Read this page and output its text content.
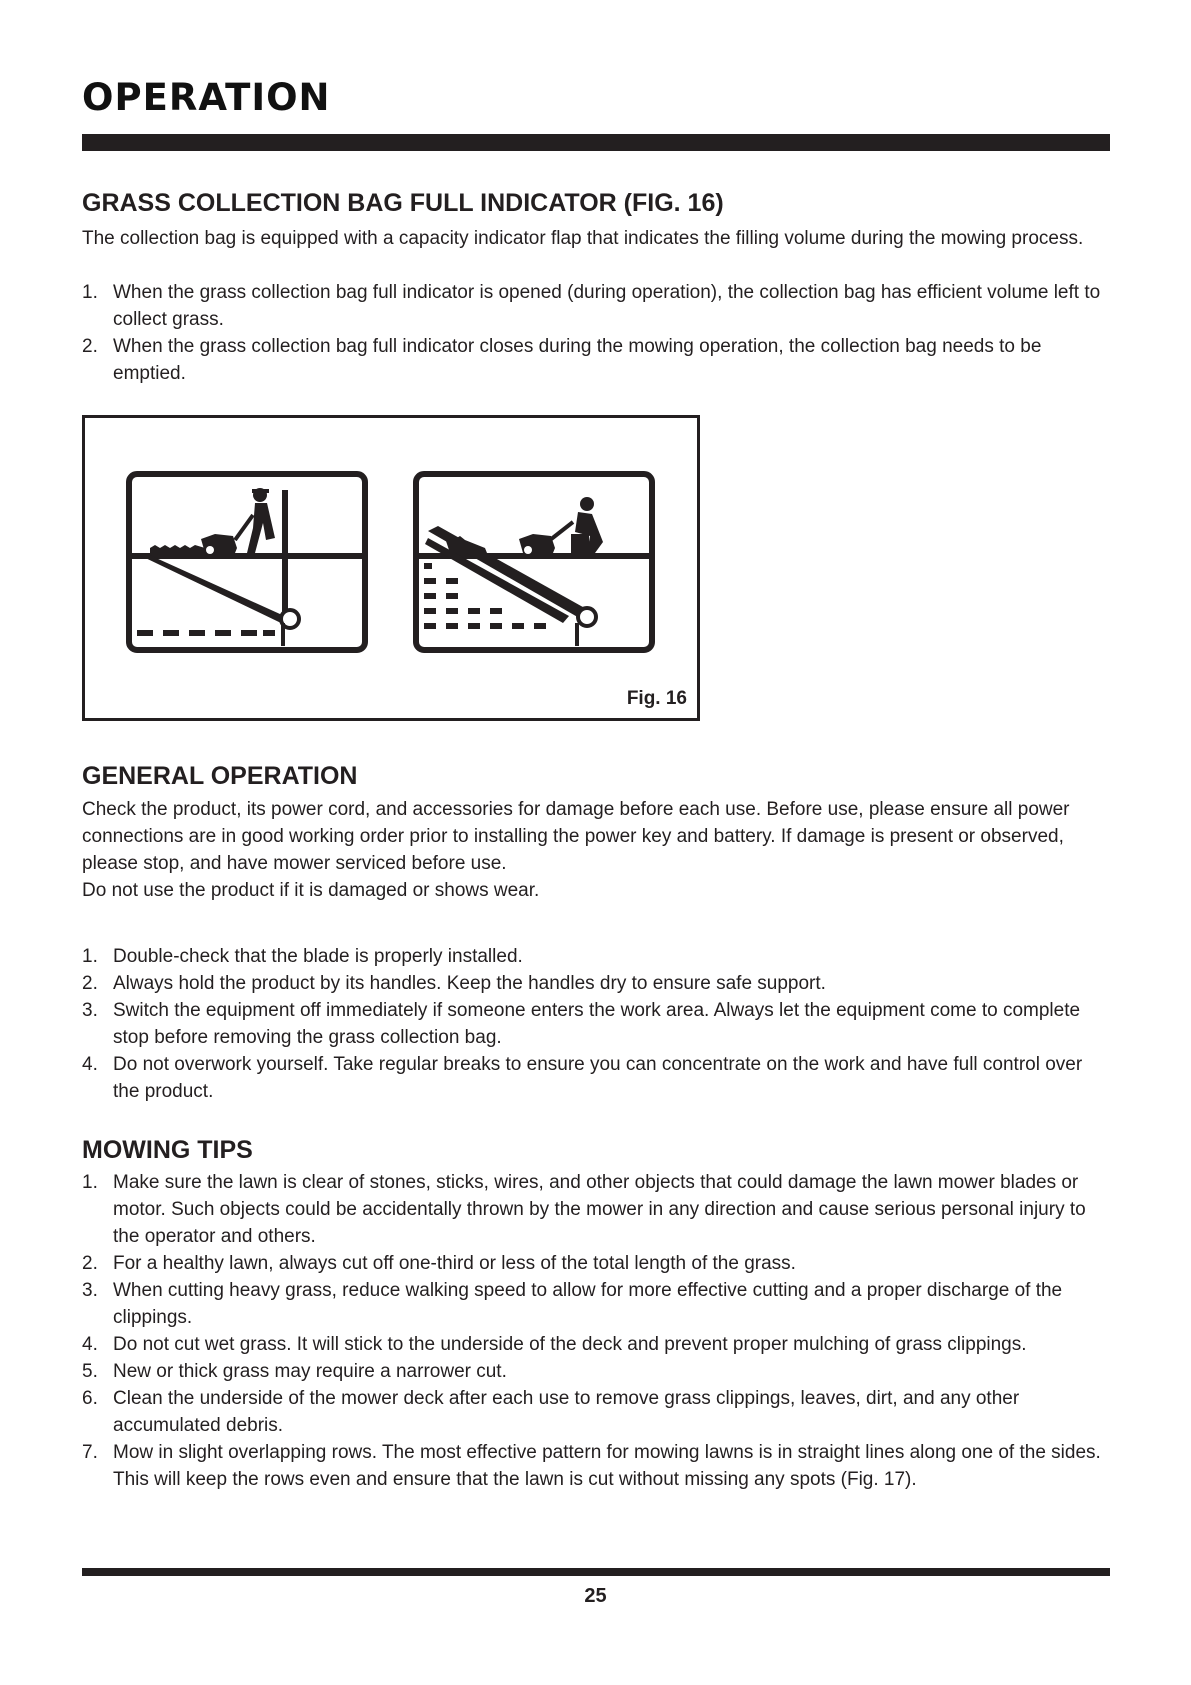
OPERATION
GRASS COLLECTION BAG FULL INDICATOR (FIG. 16)

The collection bag is equipped with a capacity indicator flap that indicates the filling volume during the mowing process.

1. When the grass collection bag full indicator is opened (during operation), the collection bag has efficient volume left to collect grass.
2. When the grass collection bag full indicator closes during the mowing operation, the collection bag needs to be emptied.
Fig. 16
GENERAL OPERATION

Check the product, its power cord, and accessories for damage before each use. Before use, please ensure all power connections are in good working order prior to installing the power key and battery. If damage is present or observed, please stop, and have mower serviced before use.

Do not use the product if it is damaged or shows wear.

1. Double-check that the blade is properly installed.
2. Always hold the product by its handles. Keep the handles dry to ensure safe support.
3. Switch the equipment off immediately if someone enters the work area. Always let the equipment come to complete stop before removing the grass collection bag.
4. Do not overwork yourself. Take regular breaks to ensure you can concentrate on the work and have full control over the product.
MOWING TIPS
1. Make sure the lawn is clear of stones, sticks, wires, and other objects that could damage the lawn mower blades or motor. Such objects could be accidentally thrown by the mower in any direction and cause serious personal injury to the operator and others.
2. For a healthy lawn, always cut off one-third or less of the total length of the grass.
3. When cutting heavy grass, reduce walking speed to allow for more effective cutting and a proper discharge of the clippings.
4. Do not cut wet grass. It will stick to the underside of the deck and prevent proper mulching of grass clippings.
5. New or thick grass may require a narrower cut.
6. Clean the underside of the mower deck after each use to remove grass clippings, leaves, dirt, and any other accumulated debris.
7. Mow in slight overlapping rows. The most effective pattern for mowing lawns is in straight lines along one of the sides. This will keep the rows even and ensure that the lawn is cut without missing any spots (Fig. 17).
25
